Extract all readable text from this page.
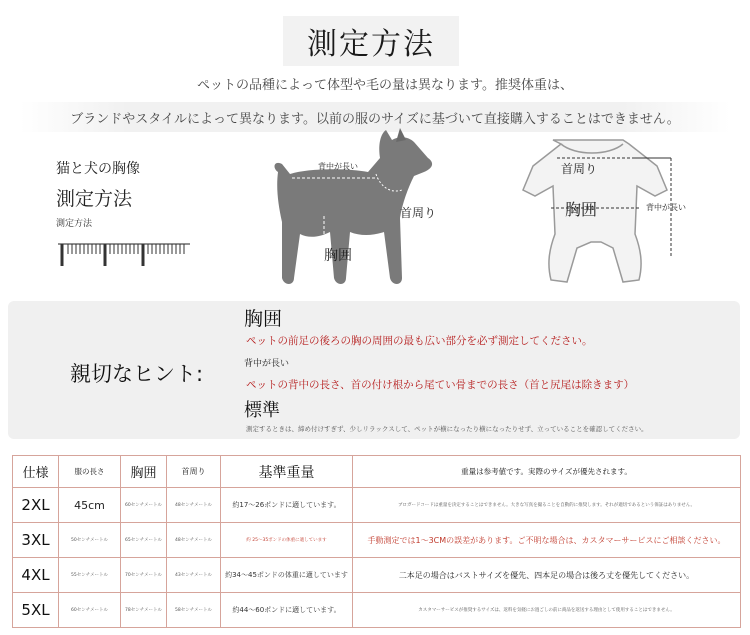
測定方法
ペットの品種によって体型や毛の量は異なります。推奨体重は、
ブランドやスタイルによって異なります。以前の服のサイズに基づいて直接購入することはできません。
猫と犬の胸像
測定方法
測定方法
背中が長い
首周り
胸囲
首周り
胸囲	背中が長い
親切なヒント:
胸囲
ペットの前足の後ろの胸の周囲の最も広い部分を必ず測定してください。
背中が長い
ペットの背中の長さ、首の付け根から尾てい骨までの長さ（首と尻尾は除きます）
標準
測定するときは、締め付けすぎず、少しリラックスして、ペットが横になったり横になったりせず、立っていることを確認してください。
仕様	服の長さ	胸囲	首周り	基準重量	重量は参考値です。実際のサイズが優先されます。
2XL	45cm	60センチメートル	48センチメートル	約17〜26ポンドに適しています。	ブロガードコードは重量を決定することはできません。大きな写真を撮ることを自動的に推奨します。それが適切であるという保証はありません。
3XL	50センチメートル	65センチメートル	48センチメートル	約 25〜35ポンドの体重に適しています	手動測定では1〜3CMの誤差があります。ご不明な場合は、カスタマーサービスにご相談ください。
4XL	55センチメートル	70センチメートル	43センチメートル	約34〜45ポンドの体重に適しています	二本足の場合はバストサイズを優先、四本足の場合は後ろ丈を優先してください。
5XL	60センチメートル	78センチメートル	58センチメートル	約44〜60ポンドに適しています。	カスタマーサービスが推奨するサイズは、返料を気軽にお過ごしの前に商品を返送する理由として使用することはできません。
